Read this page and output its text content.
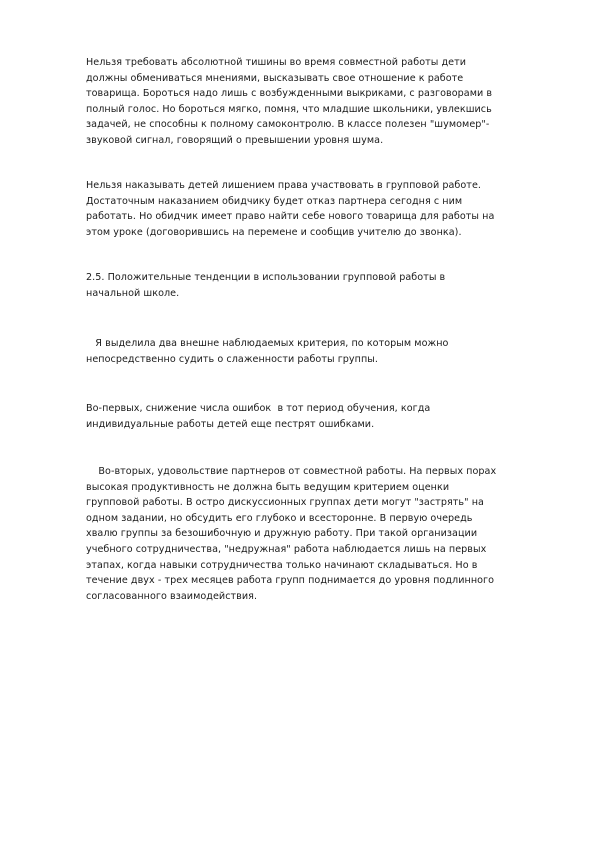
Нельзя требовать абсолютной тишины во время совместной работы дети
должны обмениваться мнениями, высказывать свое отношение к работе
товарища. Бороться надо лишь с возбужденными выкриками, с разговорами в
полный голос. Но бороться мягко, помня, что младшие школьники, увлекшись
задачей, не способны к полному самоконтролю. В классе полезен "шумомер"-
звуковой сигнал, говорящий о превышении уровня шума.

Нельзя наказывать детей лишением права участвовать в групповой работе.
Достаточным наказанием обидчику будет отказ партнера сегодня с ним
работать. Но обидчик имеет право найти себе нового товарища для работы на
этом уроке (договорившись на перемене и сообщив учителю до звонка).

2.5. Положительные тенденции в использовании групповой работы в
начальной школе.

Я выделила два внешне наблюдаемых критерия, по которым можно
непосредственно судить о слаженности работы группы.

Во-первых, снижение числа ошибок  в тот период обучения, когда
индивидуальные работы детей еще пестрят ошибками.

Во-вторых, удовольствие партнеров от совместной работы. На первых порах
высокая продуктивность не должна быть ведущим критерием оценки
групповой работы. В остро дискуссионных группах дети могут "застрять" на
одном задании, но обсудить его глубоко и всесторонне. В первую очередь
хвалю группы за безошибочную и дружную работу. При такой организации
учебного сотрудничества, "недружная" работа наблюдается лишь на первых
этапах, когда навыки сотрудничества только начинают складываться. Но в
течение двух - трех месяцев работа групп поднимается до уровня подлинного
согласованного взаимодействия.
